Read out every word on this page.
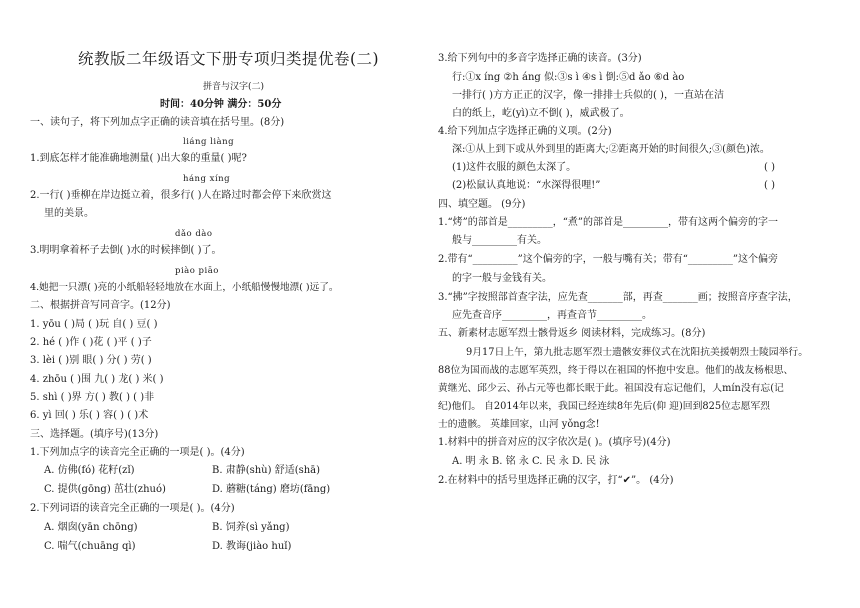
统教版二年级语文下册专项归类提优卷(二)
拼音与汉字(二)
时间：40分钟 满分：50分
一、读句子，将下列加点字正确的读音填在括号里。(8分)
liáng liàng
1.到底怎样才能准确地测量( )出大象的重量( )呢?
háng xíng
2.一行( )垂柳在岸边挺立着，很多行( )人在路过时都会停下来欣赏这
里的美景。
dǎo dào
3.明明拿着杯子去倒( )水的时候摔倒( )了。
piào piāo
4.她把一只漂( )亮的小纸船轻轻地放在水面上，小纸船慢慢地漂( )远了。
二、根据拼音写同音字。(12分)
1. yōu ( )局 ( )玩 自( ) 豆( )
2. hé ( )作 ( )花 ( )平 ( )子
3. lèi ( )别 眼( ) 分( ) 劳( )
4. zhōu ( )围 九( ) 龙( ) 米( )
5. shì ( )界 方( ) 教( ) ( )非
6. yì 回( ) 乐( ) 容( ) ( )术
三、选择题。(填序号)(13分)
1.下列加点字的读音完全正确的一项是( )。(4分)
A. 仿佛(fó) 花籽(zǐ)	B. 肃静(shù) 舒适(shā)
C. 提供(gōng) 茁壮(zhuó)	D. 蘑糖(táng) 磨坊(fāng)
2.下列词语的读音完全正确的一项是( )。(4分)
A. 烟囱(yān chōng)	B. 饲养(sì yǎng)
C. 喘气(chuāng qì)	D. 教诲(jiào huǐ)
3.给下列句中的多音字选择正确的读音。(3分)
行:①x íng ②h áng 似:③s ì ④s ì 倒:⑤d ǎo ⑥d ào
一排行( )方方正正的汉字，像一排排士兵似的( )，一直站在洁
白的纸上，屹(yì)立不倒( )，威武极了。
4.给下列加点字选择正确的义项。(2分)
深:①从上到下或从外到里的距离大;②距离开始的时间很久;③(颜色)浓。
(1)这件衣服的颜色太深了。	( )
(2)松鼠认真地说：“水深得很哩!”	( )
四、填空题。 (9分)
1.“烤”的部首是_________，“煮”的部首是_________，带有这两个偏旁的字一
般与_________有关。
2.带有“_________”这个偏旁的字，一般与嘴有关；带有“_________”这个偏旁
的字一般与金钱有关。
3.“拂”字按照部首查字法，应先查_______部，再查_______画；按照音序查字法，
应先查音序_________，再查音节_________。
五、新素材志愿军烈士骸骨返乡 阅读材料，完成练习。(8分)
9月17日上午，第九批志愿军烈士遗骸安葬仪式在沈阳抗美援朝烈士陵园举行。
88位为国而战的志愿军英烈，终于得以在祖国的怀抱中安息。他们的战友杨根思、
黄继光、邱少云、孙占元等也都长眠于此。祖国没有忘记他们，人mín没有忘(记
纪)他们。 自2014年以来，我国已经连续8年先后(仰 迎)回到825位志愿军烈
士的遗骸。 英雄回家，山河 yǒng念!
1.材料中的拼音对应的汉字依次是( )。(填序号)(4分)
A. 明 永 B. 铭 永 C. 民 永 D. 民 泳
2.在材料中的括号里选择正确的汉字，打“✔”。 (4分)
